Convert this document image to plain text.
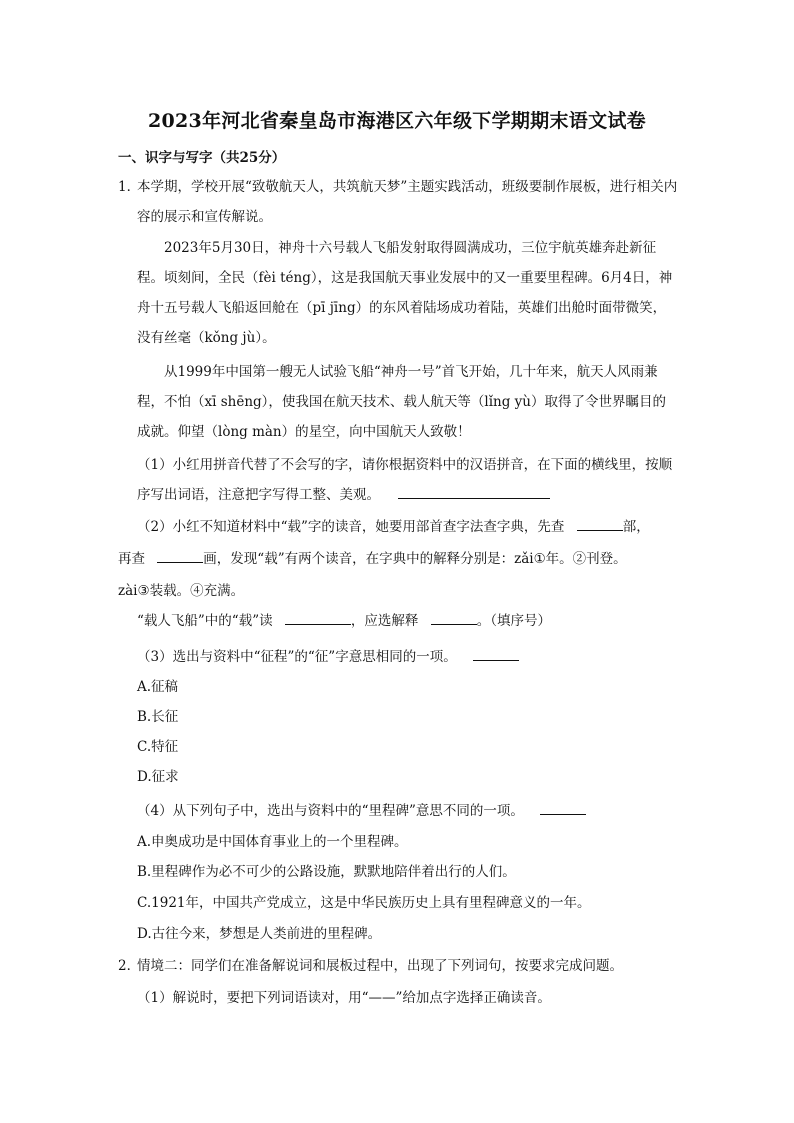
2023年河北省秦皇岛市海港区六年级下学期期末语文试卷
一、识字与写字（共25分）
1．
本学期，学校开展“致敬航天人，共筑航天梦”主题实践活动，班级要制作展板，进行相关内容的展示和宣传解说。
2023年5月30日，神舟十六号载人飞船发射取得圆满成功，三位宇航英雄奔赴新征程。顷刻间，全民（fèi téng），这是我国航天事业发展中的又一重要里程碑。6月4日，神舟十五号载人飞船返回舱在（pī jīng）的东风着陆场成功着陆，英雄们出舱时面带微笑，没有丝毫（kǒng jù）。
从1999年中国第一艘无人试验飞船“神舟一号”首飞开始，几十年来，航天人风雨兼程，不怕（xī shēng），使我国在航天技术、载人航天等（lǐng yù）取得了令世界瞩目的成就。仰望（lòng màn）的星空，向中国航天人致敬！
（1）小红用拼音代替了不会写的字，请你根据资料中的汉语拼音，在下面的横线里，按顺序写出词语，注意把字写得工整、美观。
（2）小红不知道材料中“载”字的读音，她要用部首查字法查字典，先查	部，
再查	画，发现“载”有两个读音，在字典中的解释分别是：zǎi①年。②刊登。
zài③装载。④充满。
“载人飞船”中的“载”读	，应选解释	。（填序号）
（3）选出与资料中“征程”的“征”字意思相同的一项。
A.征稿
B.长征
C.特征
D.征求
（4）从下列句子中，选出与资料中的“里程碑”意思不同的一项。
A.申奥成功是中国体育事业上的一个里程碑。
B.里程碑作为必不可少的公路设施，默默地陪伴着出行的人们。
C.1921年，中国共产党成立，这是中华民族历史上具有里程碑意义的一年。
D.古往今来，梦想是人类前进的里程碑。
2．
情境二：同学们在准备解说词和展板过程中，出现了下列词句，按要求完成问题。
（1）解说时，要把下列词语读对，用“——”给加点字选择正确读音。
